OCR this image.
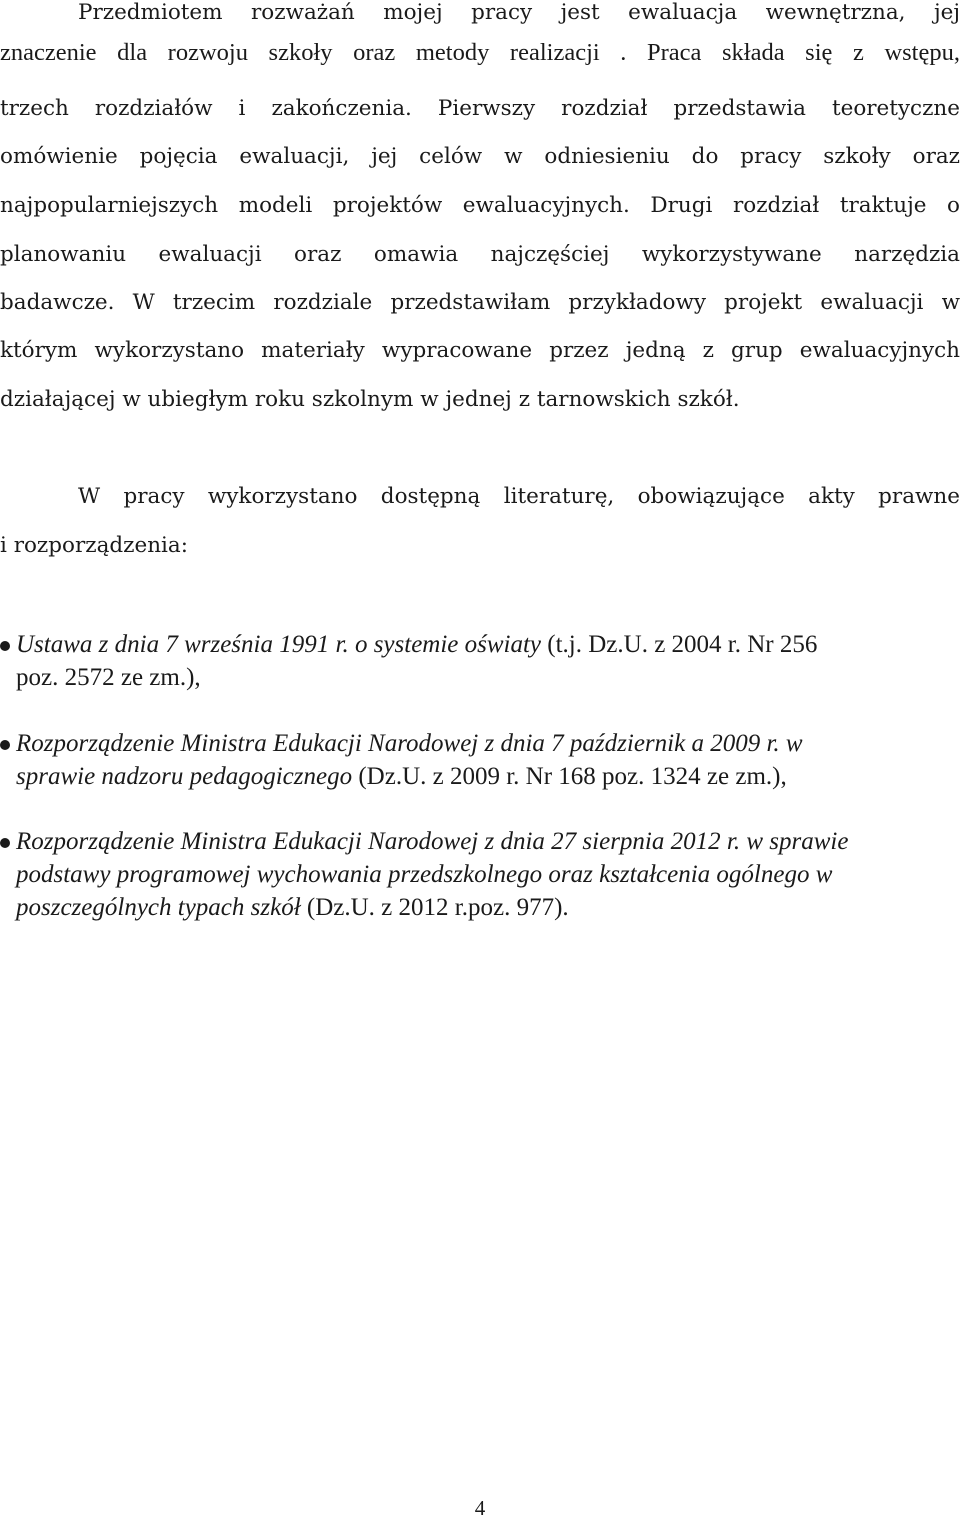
Przedmiotem rozważań mojej pracy jest ewaluacja wewnętrzna, jej
znaczenie dla rozwoju szkoły oraz metody realizacji . Praca składa się z wstępu,
trzech rozdziałów i zakończenia. Pierwszy rozdział przedstawia teoretyczne
omówienie pojęcia ewaluacji, jej celów w odniesieniu do pracy szkoły oraz
najpopularniejszych modeli projektów ewaluacyjnych. Drugi rozdział traktuje o
planowaniu ewaluacji oraz omawia najczęściej wykorzystywane narzędzia
badawcze. W trzecim rozdziale przedstawiłam przykładowy projekt ewaluacji w
którym wykorzystano materiały wypracowane przez jedną z grup ewaluacyjnych
działającej w ubiegłym roku szkolnym w jednej z tarnowskich szkół.
W pracy wykorzystano dostępną literaturę, obowiązujące akty prawne
i rozporządzenia:
Ustawa z dnia 7 września 1991 r. o systemie oświaty (t.j. Dz.U. z 2004 r. Nr 256
poz. 2572 ze zm.),
Rozporządzenie Ministra Edukacji Narodowej z dnia 7 październik a 2009 r. w
sprawie nadzoru pedagogicznego (Dz.U. z 2009 r. Nr 168 poz. 1324 ze zm.),
Rozporządzenie Ministra Edukacji Narodowej z dnia 27 sierpnia 2012 r. w sprawie
podstawy programowej wychowania przedszkolnego oraz kształcenia ogólnego w
poszczególnych typach szkół (Dz.U. z 2012 r.poz. 977).
4
